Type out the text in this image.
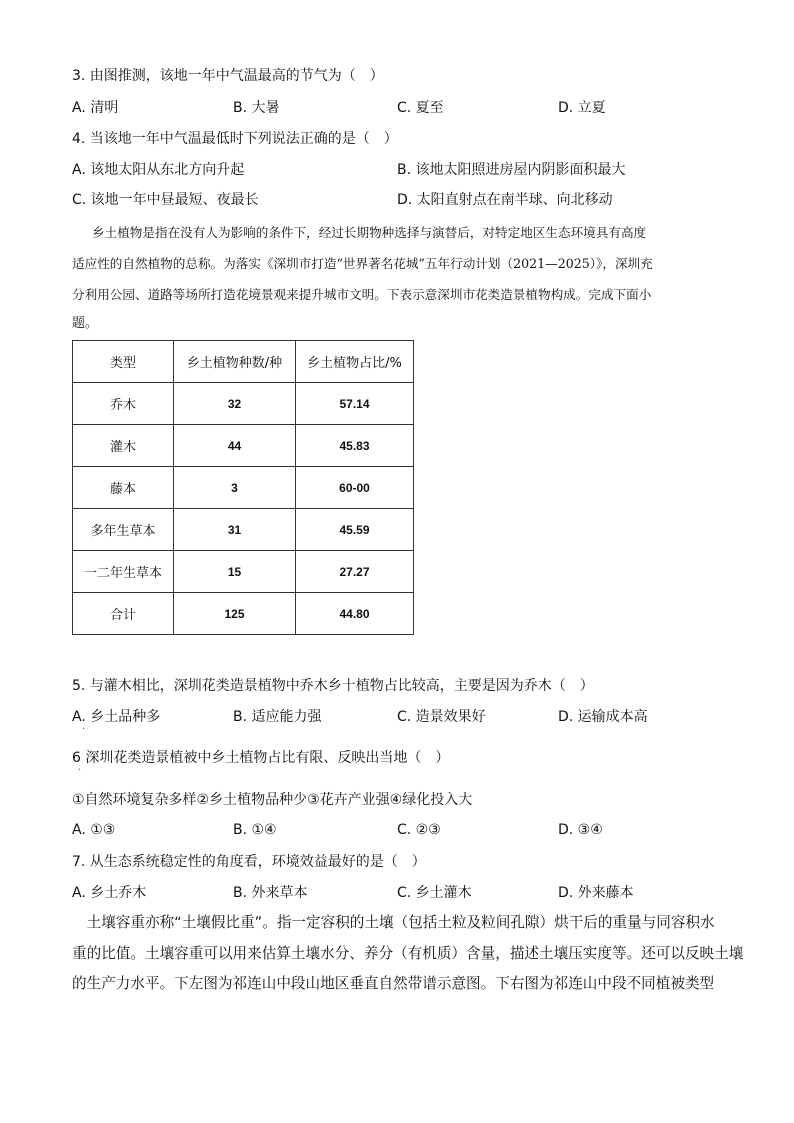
3. 由图推测，该地一年中气温最高的节气为（　）
A. 清明	B. 大暑	C. 夏至	D. 立夏
4. 当该地一年中气温最低时下列说法正确的是（　）
A. 该地太阳从东北方向升起	B. 该地太阳照进房屋内阴影面积最大
C. 该地一年中昼最短、夜最长	D. 太阳直射点在南半球、向北移动
乡土植物是指在没有人为影响的条件下，经过长期物种选择与演替后，对特定地区生态环境具有高度
适应性的自然植物的总称。为落实《深圳市打造“世界著名花城”五年行动计划（2021—2025）》，深圳充
分利用公园、道路等场所打造花境景观来提升城市文明。下表示意深圳市花类造景植物构成。完成下面小
题。
类型	乡土植物种数/种	乡土植物占比/%
乔木	32	57.14
灌木	44	45.83
藤本	3	60-00
多年生草本	31	45.59
一二年生草本	15	27.27
合计	125	44.80
5. 与灌木相比，深圳花类造景植物中乔木乡十植物占比较高，主要是因为乔木（　）
A. 乡土品种多	B. 适应能力强	C. 造景效果好	D. 运输成本高
·
6 深圳花类造景植被中乡土植物占比有限、反映出当地（　）
·
①自然环境复杂多样②乡土植物品种少③花卉产业强④绿化投入大
A. ①③	B. ①④	C. ②③	D. ③④
7. 从生态系统稳定性的角度看，环境效益最好的是（　）
A. 乡土乔木	B. 外来草本	C. 乡土灌木	D. 外来藤本
　土壤容重亦称“土壤假比重”。指一定容积的土壤（包括土粒及粒间孔隙）烘干后的重量与同容积水
重的比值。土壤容重可以用来估算土壤水分、养分（有机质）含量，描述土壤压实度等。还可以反映土壤
的生产力水平。下左图为祁连山中段山地区垂直自然带谱示意图。下右图为祁连山中段不同植被类型
